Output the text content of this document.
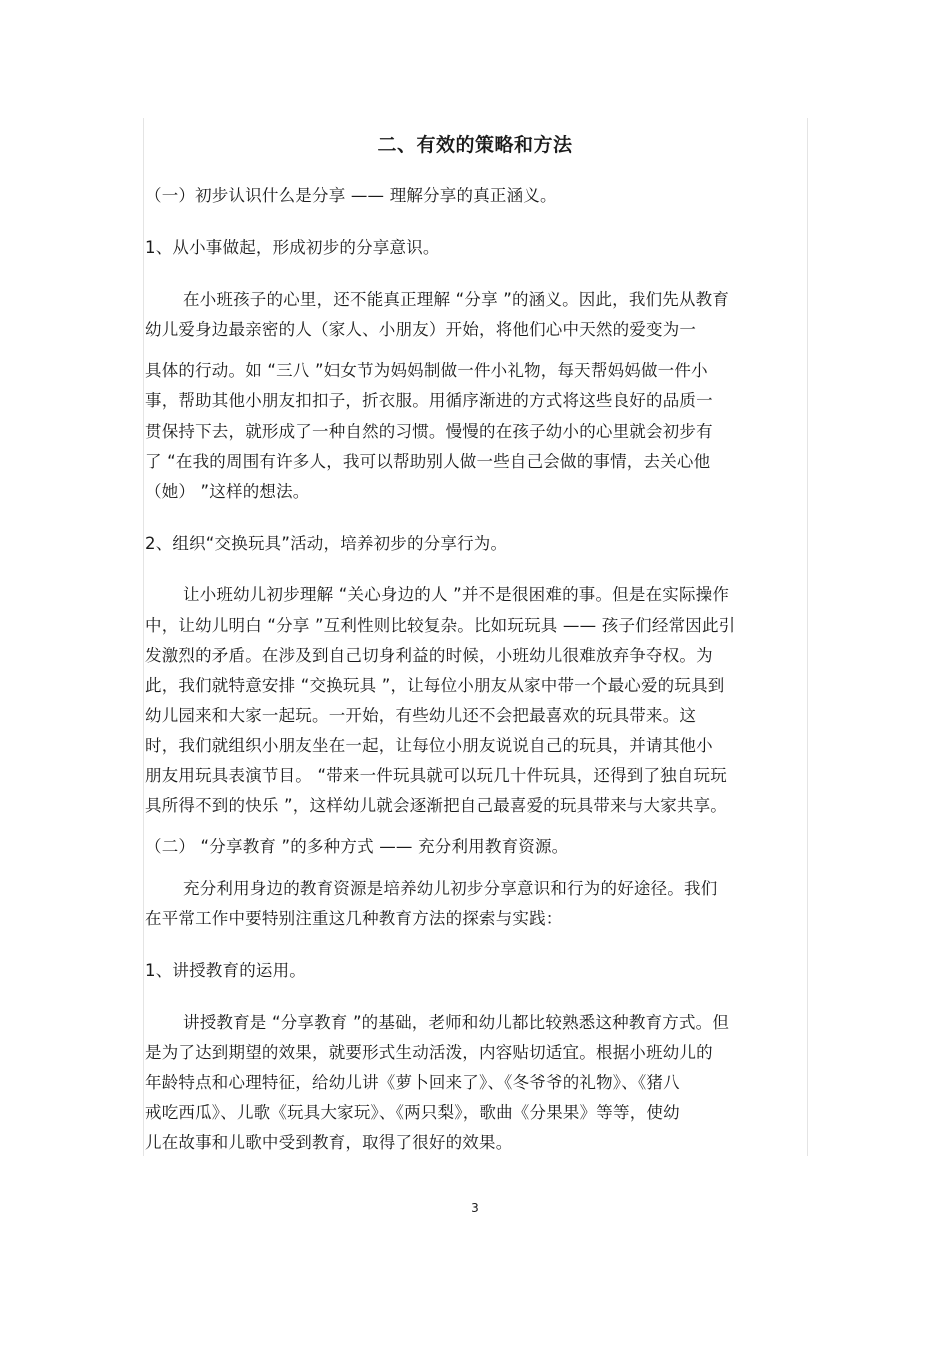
二、有效的策略和方法

（一）初步认识什么是分享 —— 理解分享的真正涵义。

1、从小事做起，形成初步的分享意识。

在小班孩子的心里，还不能真正理解 “分享 ”的涵义。因此，我们先从教育

幼儿爱身边最亲密的人（家人、小朋友）开始，将他们心中天然的爱变为一

具体的行动。如 “三八 ”妇女节为妈妈制做一件小礼物，每天帮妈妈做一件小

事，帮助其他小朋友扣扣子，折衣服。用循序渐进的方式将这些良好的品质一

贯保持下去，就形成了一种自然的习惯。慢慢的在孩子幼小的心里就会初步有

了 “在我的周围有许多人，我可以帮助别人做一些自己会做的事情，去关心他

（她） ”这样的想法。

2、组织“交换玩具”活动，培养初步的分享行为。

让小班幼儿初步理解 “关心身边的人 ”并不是很困难的事。但是在实际操作

中，让幼儿明白 “分享 ”互利性则比较复杂。比如玩玩具 —— 孩子们经常因此引

发激烈的矛盾。在涉及到自己切身利益的时候，小班幼儿很难放弃争夺权。为

此，我们就特意安排 “交换玩具 ”，让每位小朋友从家中带一个最心爱的玩具到

幼儿园来和大家一起玩。一开始，有些幼儿还不会把最喜欢的玩具带来。这

时，我们就组织小朋友坐在一起，让每位小朋友说说自己的玩具，并请其他小

朋友用玩具表演节目。 “带来一件玩具就可以玩几十件玩具，还得到了独自玩玩

具所得不到的快乐 ”，这样幼儿就会逐渐把自己最喜爱的玩具带来与大家共享。

（二） “分享教育 ”的多种方式 —— 充分利用教育资源。

充分利用身边的教育资源是培养幼儿初步分享意识和行为的好途径。我们

在平常工作中要特别注重这几种教育方法的探索与实践：

1、讲授教育的运用。

讲授教育是 “分享教育 ”的基础，老师和幼儿都比较熟悉这种教育方式。但

是为了达到期望的效果，就要形式生动活泼，内容贴切适宜。根据小班幼儿的

年龄特点和心理特征，给幼儿讲《萝卜回来了》、《冬爷爷的礼物》、《猪八

戒吃西瓜》、儿歌《玩具大家玩》、《两只梨》，歌曲《分果果》等等，使幼

儿在故事和儿歌中受到教育，取得了很好的效果。

3
